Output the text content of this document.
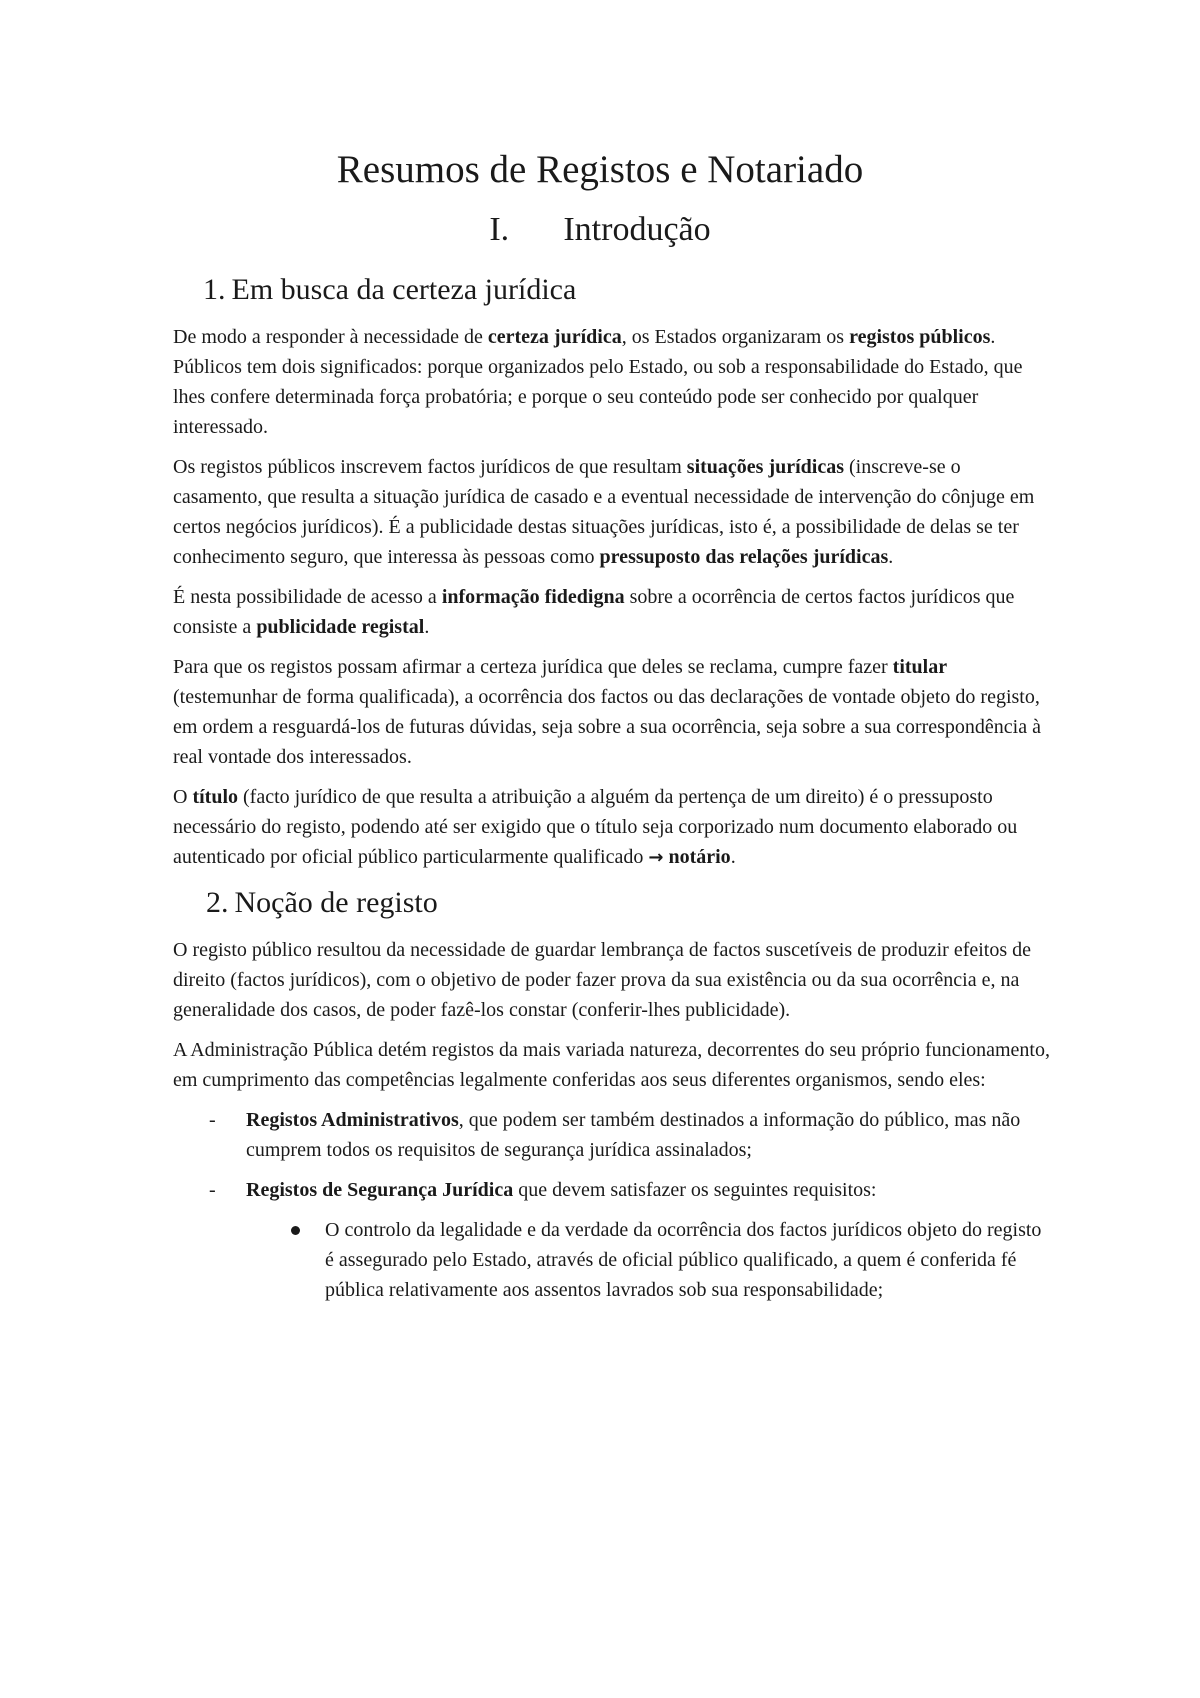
Resumos de Registos e Notariado
I. Introdução
1. Em busca da certeza jurídica

De modo a responder à necessidade de certeza jurídica, os Estados organizaram os registos públicos. Públicos tem dois significados: porque organizados pelo Estado, ou sob a responsabilidade do Estado, que lhes confere determinada força probatória; e porque o seu conteúdo pode ser conhecido por qualquer interessado.

Os registos públicos inscrevem factos jurídicos de que resultam situações jurídicas (inscreve-se o casamento, que resulta a situação jurídica de casado e a eventual necessidade de intervenção do cônjuge em certos negócios jurídicos). É a publicidade destas situações jurídicas, isto é, a possibilidade de delas se ter conhecimento seguro, que interessa às pessoas como pressuposto das relações jurídicas.

É nesta possibilidade de acesso a informação fidedigna sobre a ocorrência de certos factos jurídicos que consiste a publicidade registal.

Para que os registos possam afirmar a certeza jurídica que deles se reclama, cumpre fazer titular (testemunhar de forma qualificada), a ocorrência dos factos ou das declarações de vontade objeto do registo, em ordem a resguardá-los de futuras dúvidas, seja sobre a sua ocorrência, seja sobre a sua correspondência à real vontade dos interessados.

O título (facto jurídico de que resulta a atribuição a alguém da pertença de um direito) é o pressuposto necessário do registo, podendo até ser exigido que o título seja corporizado num documento elaborado ou autenticado por oficial público particularmente qualificado → notário.

2. Noção de registo

O registo público resultou da necessidade de guardar lembrança de factos suscetíveis de produzir efeitos de direito (factos jurídicos), com o objetivo de poder fazer prova da sua existência ou da sua ocorrência e, na generalidade dos casos, de poder fazê-los constar (conferir-lhes publicidade).

A Administração Pública detém registos da mais variada natureza, decorrentes do seu próprio funcionamento, em cumprimento das competências legalmente conferidas aos seus diferentes organismos, sendo eles:

- Registos Administrativos, que podem ser também destinados a informação do público, mas não cumprem todos os requisitos de segurança jurídica assinalados;
- Registos de Segurança Jurídica que devem satisfazer os seguintes requisitos:
O controlo da legalidade e da verdade da ocorrência dos factos jurídicos objeto do registo é assegurado pelo Estado, através de oficial público qualificado, a quem é conferida fé pública relativamente aos assentos lavrados sob sua responsabilidade;
